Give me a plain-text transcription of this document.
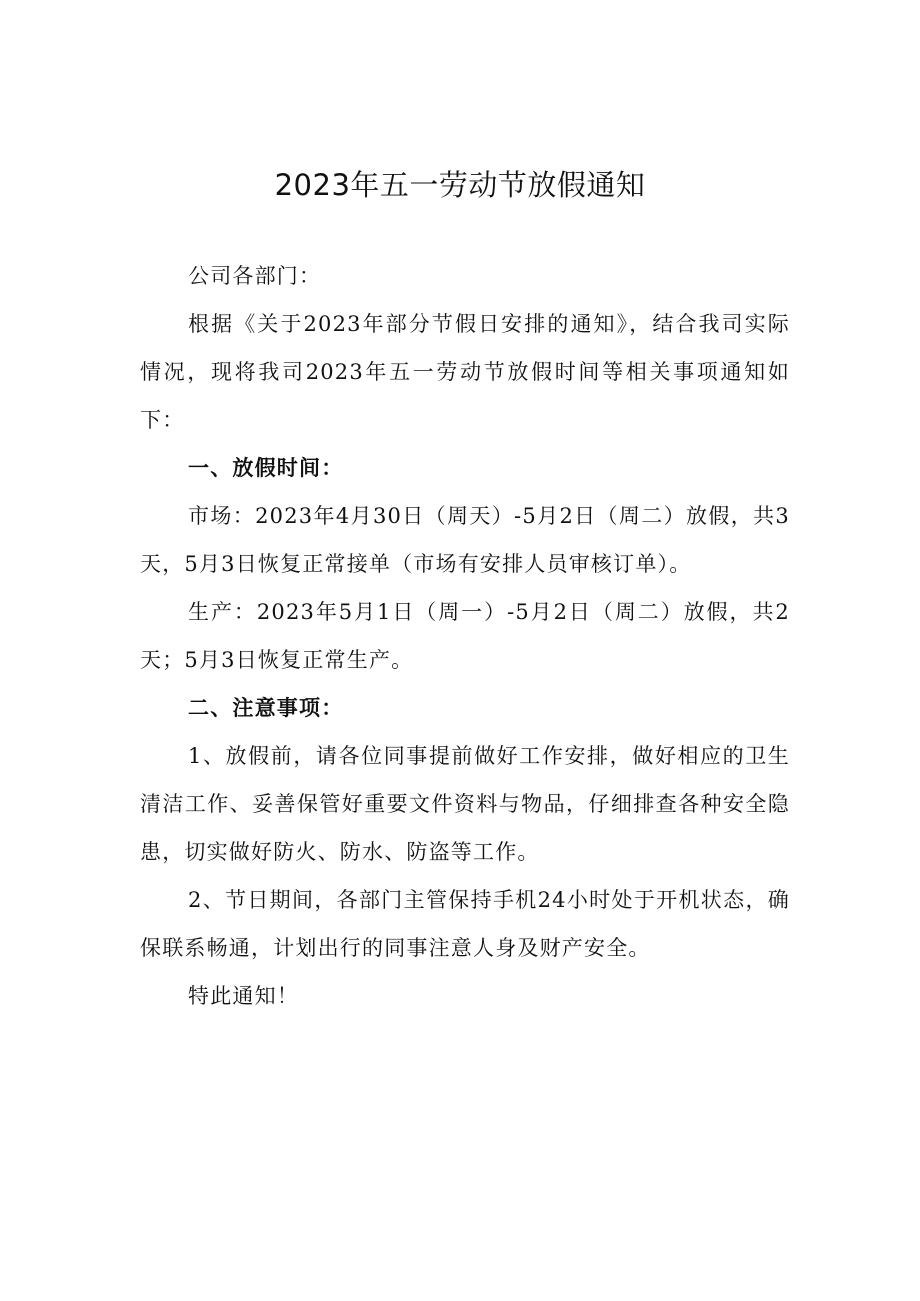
2023年五一劳动节放假通知

公司各部门：

根据《关于2023年部分节假日安排的通知》，结合我司实际情况，现将我司2023年五一劳动节放假时间等相关事项通知如下：

一、放假时间：

市场：2023年4月30日（周天）-5月2日（周二）放假，共3天，5月3日恢复正常接单（市场有安排人员审核订单）。

生产：2023年5月1日（周一）-5月2日（周二）放假，共2天；5月3日恢复正常生产。

二、注意事项：

1、放假前，请各位同事提前做好工作安排，做好相应的卫生清洁工作、妥善保管好重要文件资料与物品，仔细排查各种安全隐患，切实做好防火、防水、防盗等工作。

2、节日期间，各部门主管保持手机24小时处于开机状态，确保联系畅通，计划出行的同事注意人身及财产安全。

特此通知！
